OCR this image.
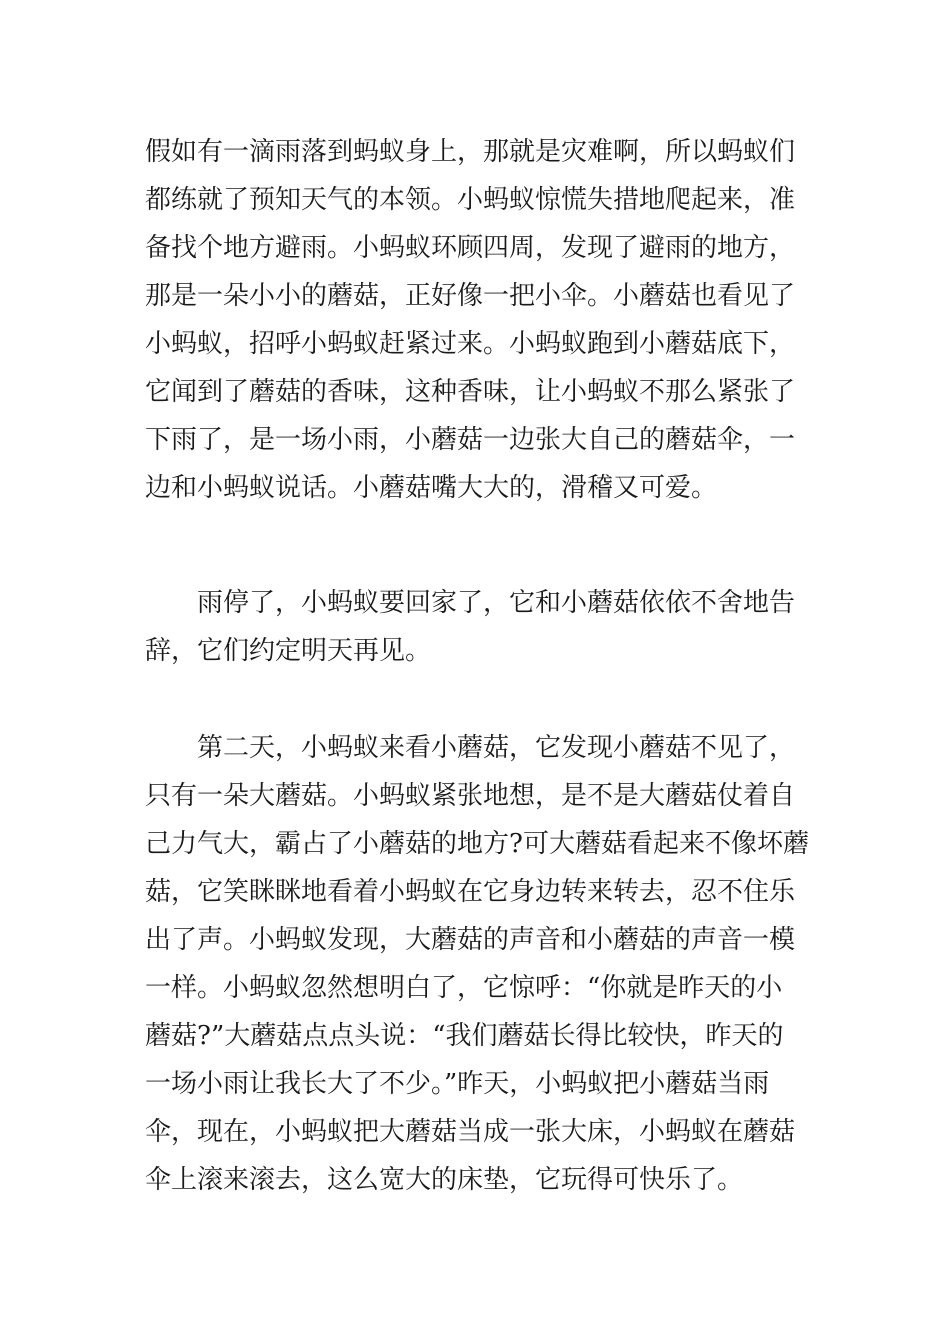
假如有一滴雨落到蚂蚁身上，那就是灾难啊，所以蚂蚁们
都练就了预知天气的本领。小蚂蚁惊慌失措地爬起来，准
备找个地方避雨。小蚂蚁环顾四周，发现了避雨的地方，
那是一朵小小的蘑菇，正好像一把小伞。小蘑菇也看见了
小蚂蚁，招呼小蚂蚁赶紧过来。小蚂蚁跑到小蘑菇底下，
它闻到了蘑菇的香味，这种香味，让小蚂蚁不那么紧张了
下雨了，是一场小雨，小蘑菇一边张大自己的蘑菇伞，一
边和小蚂蚁说话。小蘑菇嘴大大的，滑稽又可爱。

　　雨停了，小蚂蚁要回家了，它和小蘑菇依依不舍地告
辞，它们约定明天再见。

　　第二天，小蚂蚁来看小蘑菇，它发现小蘑菇不见了，
只有一朵大蘑菇。小蚂蚁紧张地想，是不是大蘑菇仗着自
己力气大，霸占了小蘑菇的地方?可大蘑菇看起来不像坏蘑
菇，它笑眯眯地看着小蚂蚁在它身边转来转去，忍不住乐
出了声。小蚂蚁发现，大蘑菇的声音和小蘑菇的声音一模
一样。小蚂蚁忽然想明白了，它惊呼：“你就是昨天的小
蘑菇?”大蘑菇点点头说：“我们蘑菇长得比较快，昨天的
一场小雨让我长大了不少。”昨天，小蚂蚁把小蘑菇当雨
伞，现在，小蚂蚁把大蘑菇当成一张大床，小蚂蚁在蘑菇
伞上滚来滚去，这么宽大的床垫，它玩得可快乐了。
